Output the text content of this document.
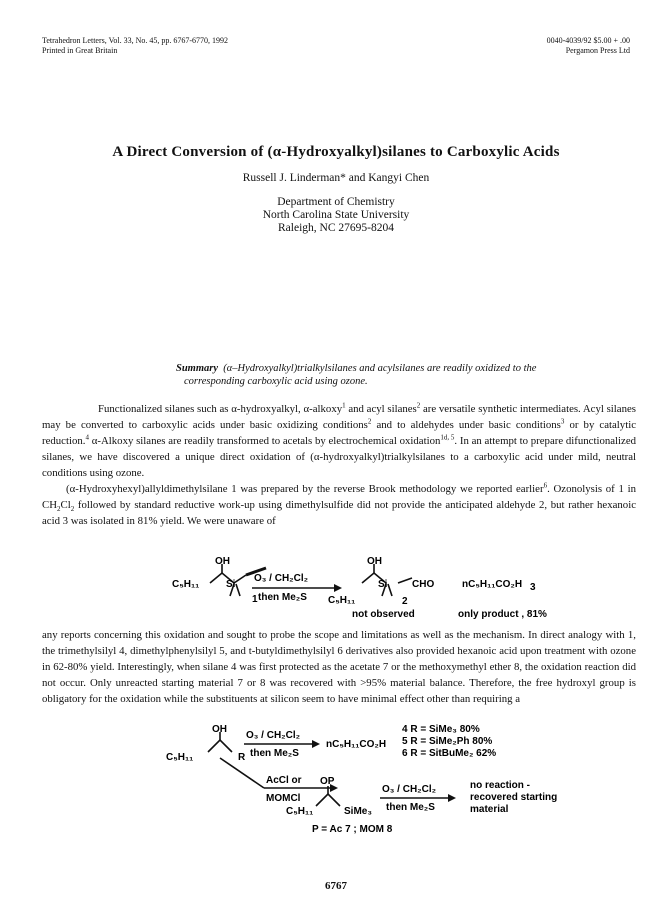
Tetrahedron Letters, Vol. 33, No. 45, pp. 6767-6770, 1992
Printed in Great Britain
0040-4039/92 $5.00 + .00
Pergamon Press Ltd
A Direct Conversion of (α-Hydroxyalkyl)silanes to Carboxylic Acids
Russell J. Linderman* and Kangyi Chen
Department of Chemistry
North Carolina State University
Raleigh, NC 27695-8204
Summary (α–Hydroxyalkyl)trialkylsilanes and acylsilanes are readily oxidized to the
corresponding carboxylic acid using ozone.

Functionalized silanes such as α-hydroxyalkyl, α-alkoxy$^1$ and acyl silanes$^2$ are versatile synthetic intermediates. Acyl silanes may be converted to carboxylic acids under basic oxidizing conditions$^2$ and to aldehydes under basic conditions$^3$ or by catalytic reduction.$^4$ α-Alkoxy silanes are readily transformed to acetals by electrochemical oxidation$^{1d, 5}$. In an attempt to prepare difunctionalized silanes, we have discovered a unique direct oxidation of (α-hydroxyalkyl)trialkylsilanes to a carboxylic acid under mild, neutral conditions using ozone.

(α-Hydroxyhexyl)allyldimethylsilane 1 was prepared by the reverse Brook methodology we reported earlier$^6$. Ozonolysis of 1 in $CH_2Cl_2$ followed by standard reductive work-up using dimethylsulfide did not provide the anticipated aldehyde 2, but rather hexanoic acid 3 was isolated in 81% yield. We were unaware of

OH
C₅H₁₁	Si
1
O₃ / CH₂Cl₂
then Me₂S
OH
C₅H₁₁
Si CHO
2
nC₅H₁₁CO₂H 3
not observed	only product , 81%

any reports concerning this oxidation and sought to probe the scope and limitations as well as the mechanism. In direct analogy with 1, the trimethylsilyl 4, dimethylphenylsilyl 5, and t-butyldimethylsilyl 6 derivatives also provided hexanoic acid upon treatment with ozone in 62-80% yield. Interestingly, when silane 4 was first protected as the acetate 7 or the methoxymethyl ether 8, the oxidation reaction did not occur. Only unreacted starting material 7 or 8 was recovered with >95% material balance. Therefore, the free hydroxyl group is obligatory for the oxidation while the substituents at silicon seem to have minimal effect other than requiring a

OH
C₅H₁₁	R
O₃ / CH₂Cl₂
then Me₂S
nC₅H₁₁CO₂H
4 R = SiMe₃ 80%
5 R = SiMe₂Ph 80%
6 R = SitBuMe₂ 62%
AcCl or
MOMCl
OP
C₅H₁₁	SiMe₃
O₃ / CH₂Cl₂
then Me₂S
no reaction -
recovered starting
material
P = Ac 7 ; MOM 8
6767
